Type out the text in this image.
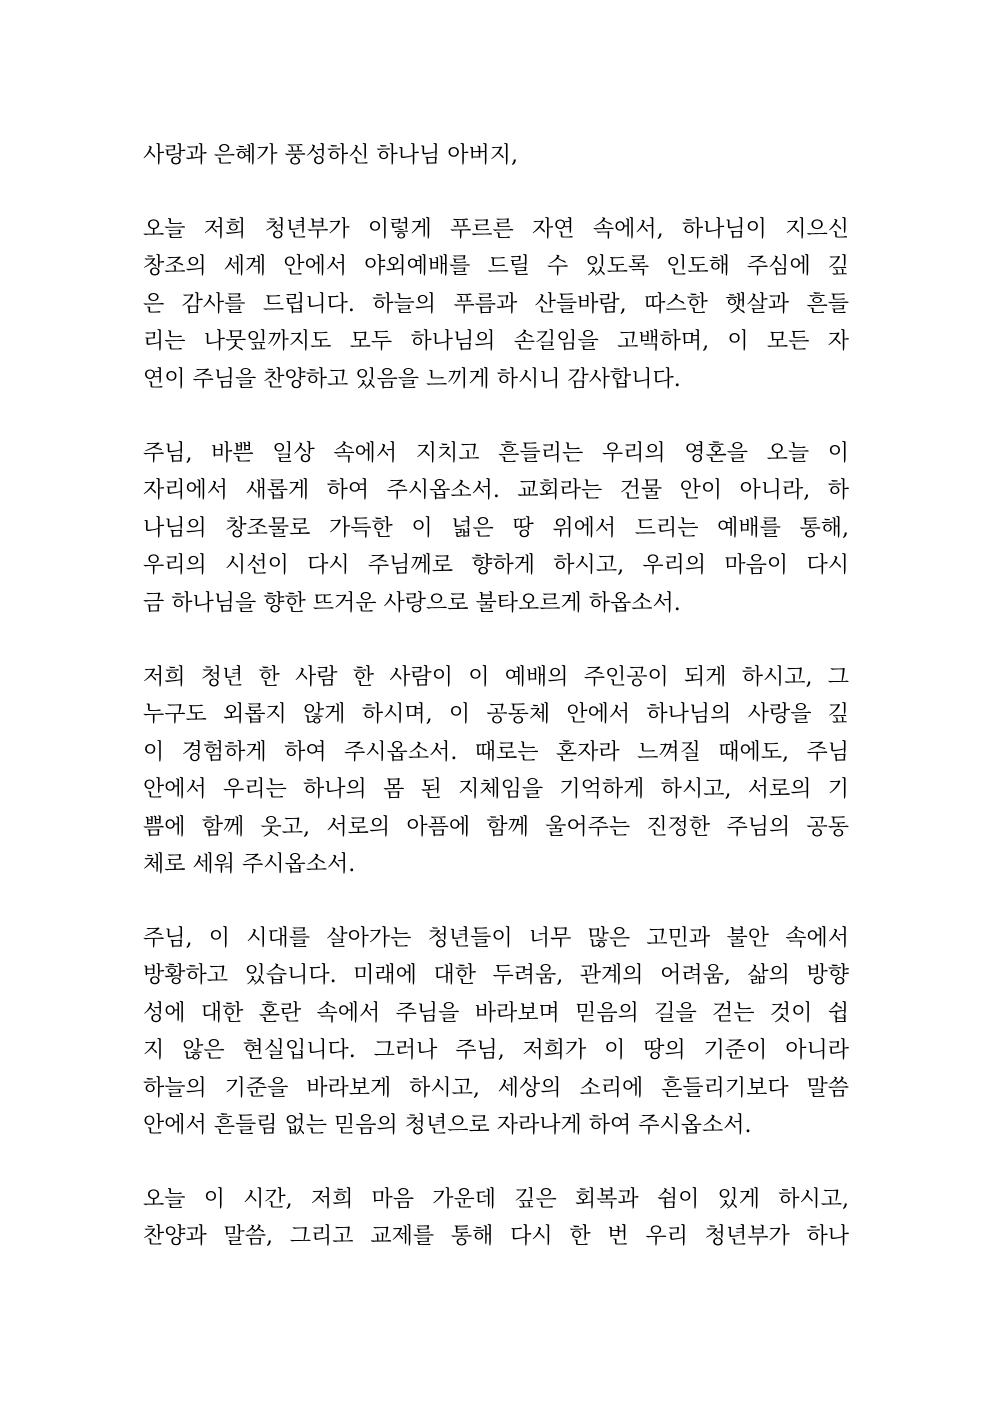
사랑과 은혜가 풍성하신 하나님 아버지,
오늘 저희 청년부가 이렇게 푸르른 자연 속에서, 하나님이 지으신
창조의 세계 안에서 야외예배를 드릴 수 있도록 인도해 주심에 깊
은 감사를 드립니다. 하늘의 푸름과 산들바람, 따스한 햇살과 흔들
리는 나뭇잎까지도 모두 하나님의 손길임을 고백하며, 이 모든 자
연이 주님을 찬양하고 있음을 느끼게 하시니 감사합니다.
주님, 바쁜 일상 속에서 지치고 흔들리는 우리의 영혼을 오늘 이
자리에서 새롭게 하여 주시옵소서. 교회라는 건물 안이 아니라, 하
나님의 창조물로 가득한 이 넓은 땅 위에서 드리는 예배를 통해,
우리의 시선이 다시 주님께로 향하게 하시고, 우리의 마음이 다시
금 하나님을 향한 뜨거운 사랑으로 불타오르게 하옵소서.
저희 청년 한 사람 한 사람이 이 예배의 주인공이 되게 하시고, 그
누구도 외롭지 않게 하시며, 이 공동체 안에서 하나님의 사랑을 깊
이 경험하게 하여 주시옵소서. 때로는 혼자라 느껴질 때에도, 주님
안에서 우리는 하나의 몸 된 지체임을 기억하게 하시고, 서로의 기
쁨에 함께 웃고, 서로의 아픔에 함께 울어주는 진정한 주님의 공동
체로 세워 주시옵소서.
주님, 이 시대를 살아가는 청년들이 너무 많은 고민과 불안 속에서
방황하고 있습니다. 미래에 대한 두려움, 관계의 어려움, 삶의 방향
성에 대한 혼란 속에서 주님을 바라보며 믿음의 길을 걷는 것이 쉽
지 않은 현실입니다. 그러나 주님, 저희가 이 땅의 기준이 아니라
하늘의 기준을 바라보게 하시고, 세상의 소리에 흔들리기보다 말씀
안에서 흔들림 없는 믿음의 청년으로 자라나게 하여 주시옵소서.
오늘 이 시간, 저희 마음 가운데 깊은 회복과 쉼이 있게 하시고,
찬양과 말씀, 그리고 교제를 통해 다시 한 번 우리 청년부가 하나
